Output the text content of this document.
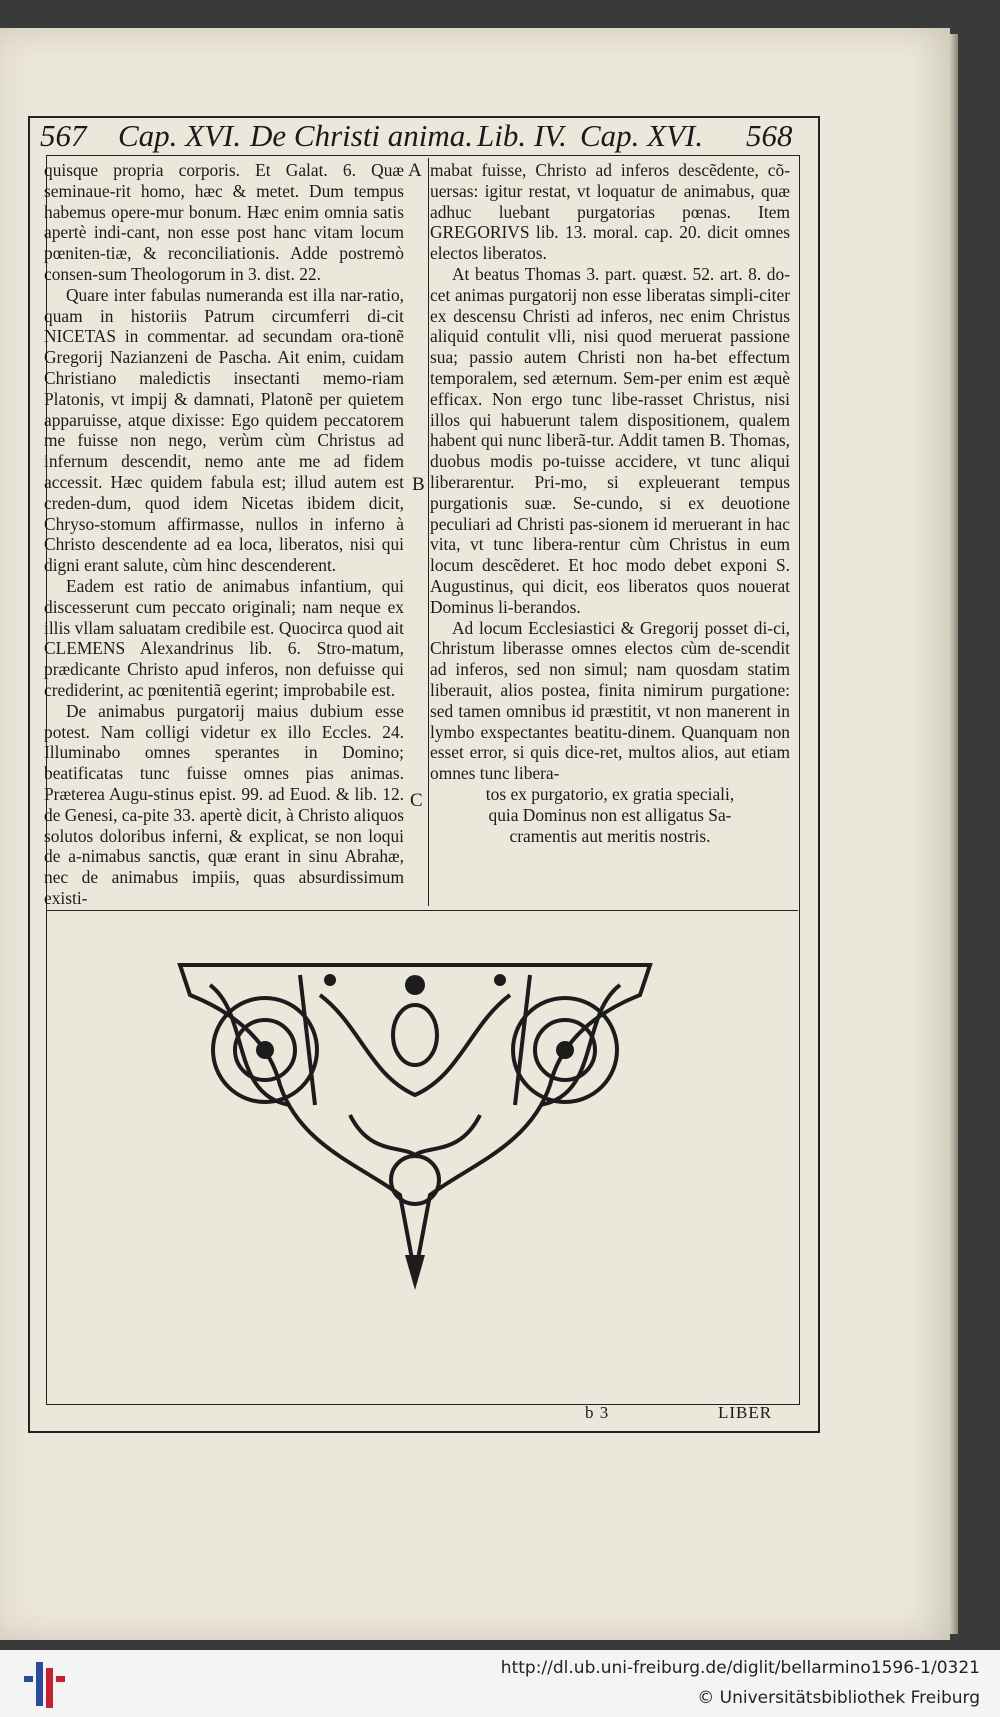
567 Cap. XVI. De Christi anima. Lib. IV. Cap. XVI. 568

quisque propria corporis. Et Galat. 6. Quæ seminaue-rit homo, hæc & metet. Dum tempus habemus opere-mur bonum. Hæc enim omnia satis apertè indi-cant, non esse post hanc vitam locum pœniten-tiæ, & reconciliationis. Adde postremò consen-sum Theologorum in 3. dist. 22.

Quare inter fabulas numeranda est illa nar-ratio, quam in historiis Patrum circumferri di-cit NICETAS in commentar. ad secundam ora-tionẽ Gregorij Nazianzeni de Pascha. Ait enim, cuidam Christiano maledictis insectanti memo-riam Platonis, vt impij & damnati, Platonẽ per quietem apparuisse, atque dixisse: Ego quidem peccatorem me fuisse non nego, verùm cùm Christus ad infernum descendit, nemo ante me ad fidem accessit. Hæc quidem fabula est; illud autem est creden-dum, quod idem Nicetas ibidem dicit, Chryso-stomum affirmasse, nullos in inferno à Christo descendente ad ea loca, liberatos, nisi qui digni erant salute, cùm hinc descenderent.

Eadem est ratio de animabus infantium, qui discesserunt cum peccato originali; nam neque ex illis vllam saluatam credibile est. Quocirca quod ait CLEMENS Alexandrinus lib. 6. Stro-matum, prædicante Christo apud inferos, non defuisse qui crediderint, ac pœnitentiã egerint; improbabile est.

De animabus purgatorij maius dubium esse potest. Nam colligi videtur ex illo Eccles. 24. Illuminabo omnes sperantes in Domino; beatificatas tunc fuisse omnes pias animas. Præterea Augu-stinus epist. 99. ad Euod. & lib. 12. de Genesi, ca-pite 33. apertè dicit, à Christo aliquos solutos doloribus inferni, & explicat, se non loqui de a-nimabus sanctis, quæ erant in sinu Abrahæ, nec de animabus impiis, quas absurdissimum existi-

A
B
C

mabat fuisse, Christo ad inferos descẽdente, cõ-uersas: igitur restat, vt loquatur de animabus, quæ adhuc luebant purgatorias pœnas. Item GREGORIVS lib. 13. moral. cap. 20. dicit omnes electos liberatos.

At beatus Thomas 3. part. quæst. 52. art. 8. do-cet animas purgatorij non esse liberatas simpli-citer ex descensu Christi ad inferos, nec enim Christus aliquid contulit vlli, nisi quod meruerat passione sua; passio autem Christi non ha-bet effectum temporalem, sed æternum. Sem-per enim est æquè efficax. Non ergo tunc libe-rasset Christus, nisi illos qui habuerunt talem dispositionem, qualem habent qui nunc liberã-tur. Addit tamen B. Thomas, duobus modis po-tuisse accidere, vt tunc aliqui liberarentur. Pri-mo, si expleuerant tempus purgationis suæ. Se-cundo, si ex deuotione peculiari ad Christi pas-sionem id meruerant in hac vita, vt tunc libera-rentur cùm Christus in eum locum descẽderet. Et hoc modo debet exponi S. Augustinus, qui dicit, eos liberatos quos nouerat Dominus li-berandos.

Ad locum Ecclesiastici & Gregorij posset di-ci, Christum liberasse omnes electos cùm de-scendit ad inferos, sed non simul; nam quosdam statim liberauit, alios postea, finita nimirum purgatione: sed tamen omnibus id præstitit, vt non manerent in lymbo exspectantes beatitu-dinem. Quanquam non esset error, si quis dice-ret, multos alios, aut etiam omnes tunc libera-

tos ex purgatorio, ex gratia speciali, quia Dominus non est alligatus Sa-cramentis aut meritis nostris.

b 3	LIBER
http://dl.ub.uni-freiburg.de/diglit/bellarmino1596-1/0321
© Universitätsbibliothek Freiburg
